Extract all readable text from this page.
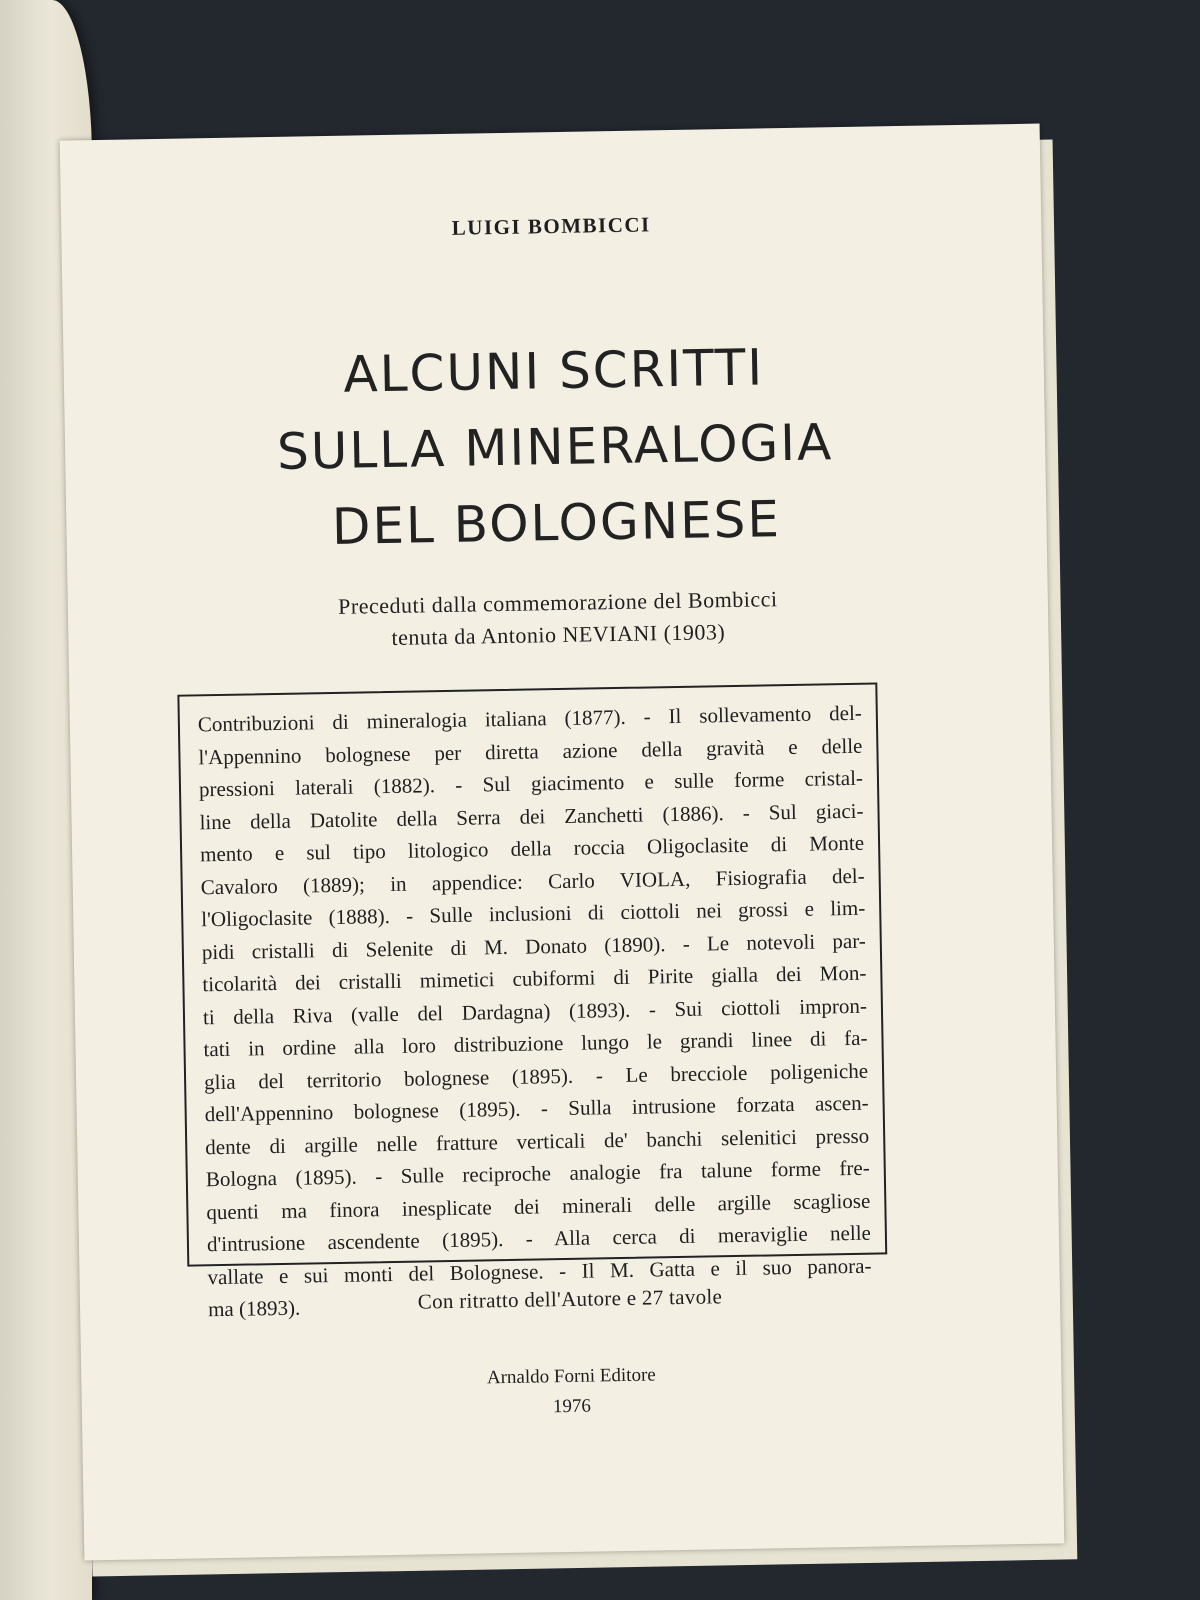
LUIGI BOMBICCI
ALCUNI SCRITTI
SULLA MINERALOGIA
DEL BOLOGNESE
Preceduti dalla commemorazione del Bombicci
tenuta da Antonio NEVIANI (1903)
Contribuzioni di mineralogia italiana (1877). - Il sollevamento del-
l'Appennino bolognese per diretta azione della gravità e delle
pressioni laterali (1882). - Sul giacimento e sulle forme cristal-
line della Datolite della Serra dei Zanchetti (1886). - Sul giaci-
mento e sul tipo litologico della roccia Oligoclasite di Monte
Cavaloro (1889); in appendice: Carlo VIOLA, Fisiografia del-
l'Oligoclasite (1888). - Sulle inclusioni di ciottoli nei grossi e lim-
pidi cristalli di Selenite di M. Donato (1890). - Le notevoli par-
ticolarità dei cristalli mimetici cubiformi di Pirite gialla dei Mon-
ti della Riva (valle del Dardagna) (1893). - Sui ciottoli impron-
tati in ordine alla loro distribuzione lungo le grandi linee di fa-
glia del territorio bolognese (1895). - Le brecciole poligeniche
dell'Appennino bolognese (1895). - Sulla intrusione forzata ascen-
dente di argille nelle fratture verticali de' banchi selenitici presso
Bologna (1895). - Sulle reciproche analogie fra talune forme fre-
quenti ma finora inesplicate dei minerali delle argille scagliose
d'intrusione ascendente (1895). - Alla cerca di meraviglie nelle
vallate e sui monti del Bolognese. - Il M. Gatta e il suo panora-
ma (1893).	Con ritratto dell'Autore e 27 tavole
Arnaldo Forni Editore
1976
